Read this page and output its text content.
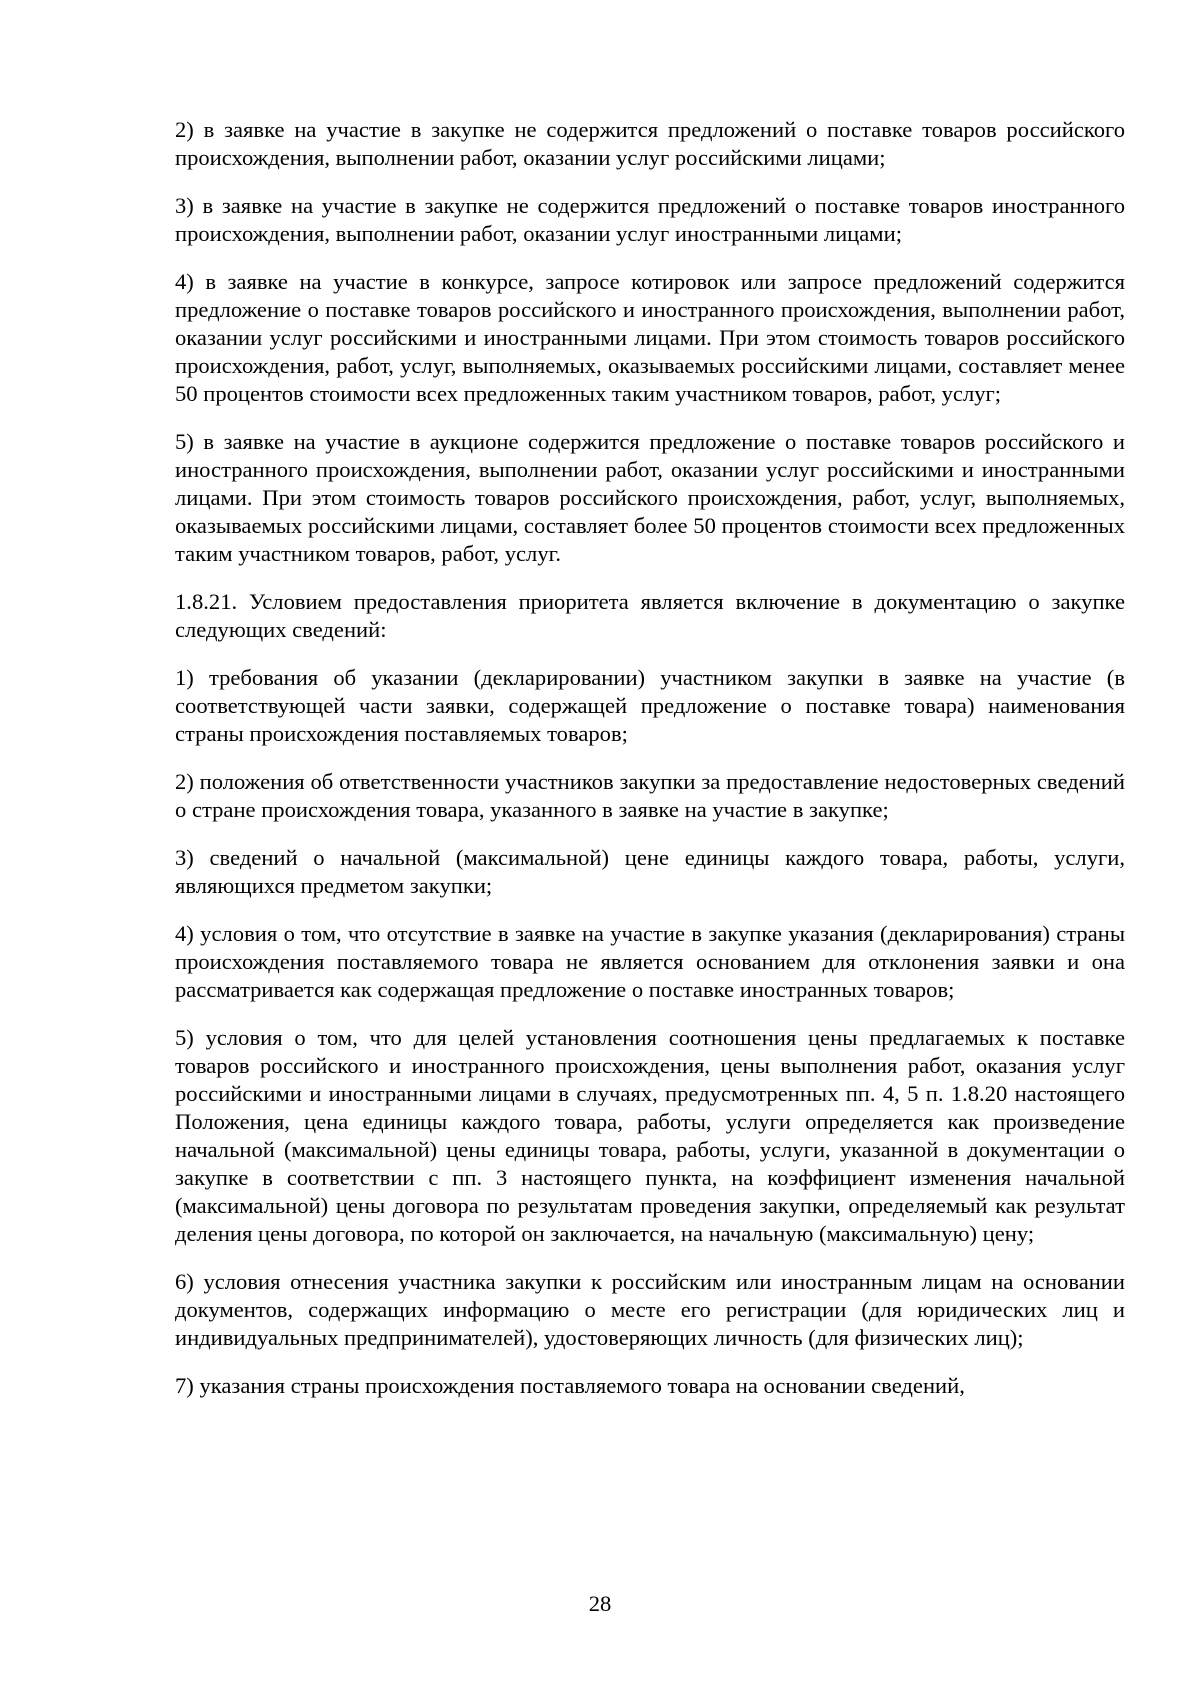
2) в заявке на участие в закупке не содержится предложений о поставке товаров российского происхождения, выполнении работ, оказании услуг российскими лицами;

3) в заявке на участие в закупке не содержится предложений о поставке товаров иностранного происхождения, выполнении работ, оказании услуг иностранными лицами;

4) в заявке на участие в конкурсе, запросе котировок или запросе предложений содержится предложение о поставке товаров российского и иностранного происхождения, выполнении работ, оказании услуг российскими и иностранными лицами. При этом стоимость товаров российского происхождения, работ, услуг, выполняемых, оказываемых российскими лицами, составляет менее 50 процентов стоимости всех предложенных таким участником товаров, работ, услуг;

5) в заявке на участие в аукционе содержится предложение о поставке товаров российского и иностранного происхождения, выполнении работ, оказании услуг российскими и иностранными лицами. При этом стоимость товаров российского происхождения, работ, услуг, выполняемых, оказываемых российскими лицами, составляет более 50 процентов стоимости всех предложенных таким участником товаров, работ, услуг.

1.8.21. Условием предоставления приоритета является включение в документацию о закупке следующих сведений:

1) требования об указании (декларировании) участником закупки в заявке на участие (в соответствующей части заявки, содержащей предложение о поставке товара) наименования страны происхождения поставляемых товаров;

2) положения об ответственности участников закупки за предоставление недостоверных сведений о стране происхождения товара, указанного в заявке на участие в закупке;

3) сведений о начальной (максимальной) цене единицы каждого товара, работы, услуги, являющихся предметом закупки;

4) условия о том, что отсутствие в заявке на участие в закупке указания (декларирования) страны происхождения поставляемого товара не является основанием для отклонения заявки и она рассматривается как содержащая предложение о поставке иностранных товаров;

5) условия о том, что для целей установления соотношения цены предлагаемых к поставке товаров российского и иностранного происхождения, цены выполнения работ, оказания услуг российскими и иностранными лицами в случаях, предусмотренных пп. 4, 5 п. 1.8.20 настоящего Положения, цена единицы каждого товара, работы, услуги определяется как произведение начальной (максимальной) цены единицы товара, работы, услуги, указанной в документации о закупке в соответствии с пп. 3 настоящего пункта, на коэффициент изменения начальной (максимальной) цены договора по результатам проведения закупки, определяемый как результат деления цены договора, по которой он заключается, на начальную (максимальную) цену;

6) условия отнесения участника закупки к российским или иностранным лицам на основании документов, содержащих информацию о месте его регистрации (для юридических лиц и индивидуальных предпринимателей), удостоверяющих личность (для физических лиц);

7) указания страны происхождения поставляемого товара на основании сведений,

28
